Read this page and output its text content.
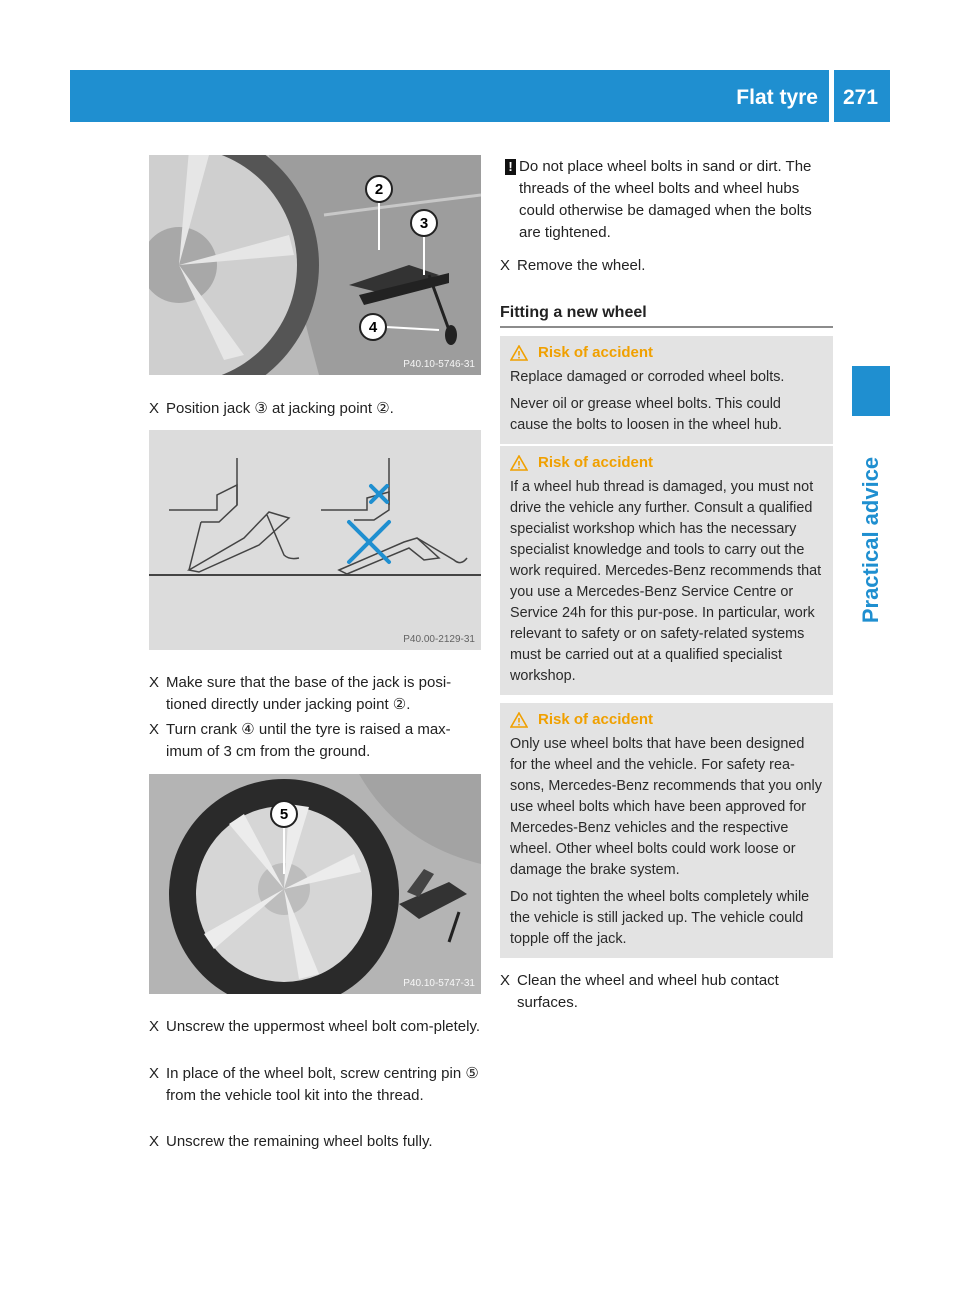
Flat tyre 271
Practical advice
2
3
4
P40.10-5746-31
X Position jack ③ at jacking point ②.
P40.00-2129-31
X Make sure that the base of the jack is posi-tioned directly under jacking point ②.
X Turn crank ④ until the tyre is raised a max-imum of 3 cm from the ground.
5
P40.10-5747-31
X Unscrew the uppermost wheel bolt com-pletely.
X In place of the wheel bolt, screw centring pin ⑤ from the vehicle tool kit into the thread.
X Unscrew the remaining wheel bolts fully.
! Do not place wheel bolts in sand or dirt. The threads of the wheel bolts and wheel hubs could otherwise be damaged when the bolts are tightened.
X Remove the wheel.
Fitting a new wheel
Risk of accident

Replace damaged or corroded wheel bolts.

Never oil or grease wheel bolts. This could cause the bolts to loosen in the wheel hub.

Risk of accident

If a wheel hub thread is damaged, you must not drive the vehicle any further. Consult a qualified specialist workshop which has the necessary specialist knowledge and tools to carry out the work required. Mercedes-Benz recommends that you use a Mercedes-Benz Service Centre or Service 24h for this pur-pose. In particular, work relevant to safety or on safety-related systems must be carried out at a qualified specialist workshop.

Risk of accident

Only use wheel bolts that have been designed for the wheel and the vehicle. For safety rea-sons, Mercedes-Benz recommends that you only use wheel bolts which have been approved for Mercedes-Benz vehicles and the respective wheel. Other wheel bolts could work loose or damage the brake system.

Do not tighten the wheel bolts completely while the vehicle is still jacked up. The vehicle could topple off the jack.

X Clean the wheel and wheel hub contact surfaces.
